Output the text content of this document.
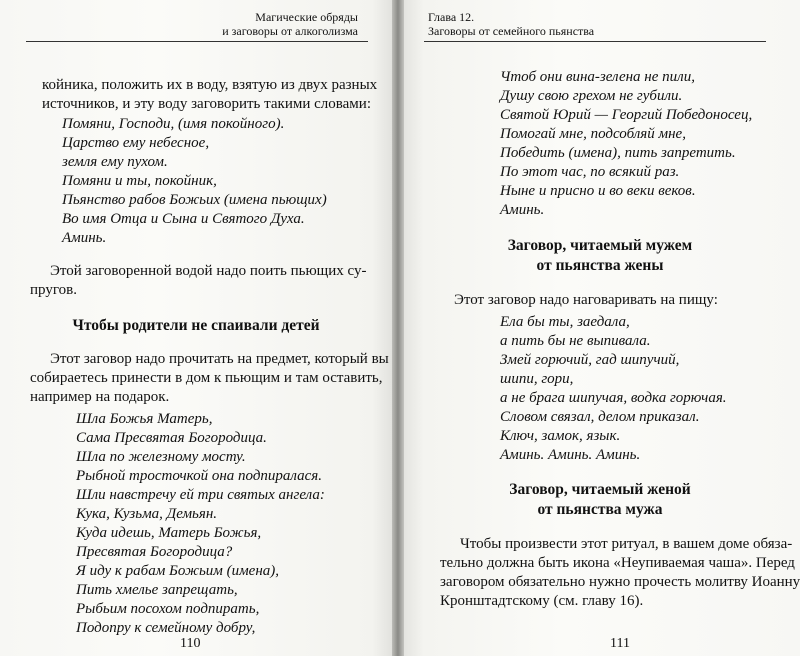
Магические обряды
и заговоры от алкоголизма
койника, положить их в воду, взятую из двух разных
источников, и эту воду заговорить такими словами:
Помяни, Господи, (имя покойного).
Царство ему небесное,
земля ему пухом.
Помяни и ты, покойник,
Пьянство рабов Божьих (имена пьющих)
Во имя Отца и Сына и Святого Духа.
Аминь.
Этой заговоренной водой надо поить пьющих су-
пругов.
Чтобы родители не спаивали детей
Этот заговор надо прочитать на предмет, который вы
собираетесь принести в дом к пьющим и там оставить,
например на подарок.
Шла Божья Матерь,
Сама Пресвятая Богородица.
Шла по железному мосту.
Рыбной тросточкой она подпиралася.
Шли навстречу ей три святых ангела:
Кука, Кузьма, Демьян.
Куда идешь, Матерь Божья,
Пресвятая Богородица?
Я иду к рабам Божьим (имена),
Пить хмелье запрещать,
Рыбьим посохом подпирать,
Подопру к семейному добру,
110
Глава 12.
Заговоры от семейного пьянства
Чтоб они вина-зелена не пили,
Душу свою грехом не губили.
Святой Юрий — Георгий Победоносец,
Помогай мне, подсобляй мне,
Победить (имена), пить запретить.
По этот час, по всякий раз.
Ныне и присно и во веки веков.
Аминь.
Заговор, читаемый мужем
от пьянства жены
Этот заговор надо наговаривать на пищу:
Ела бы ты, заедала,
а пить бы не выпивала.
Змей горючий, гад шипучий,
шипи, гори,
а не брага шипучая, водка горючая.
Словом связал, делом приказал.
Ключ, замок, язык.
Аминь. Аминь. Аминь.
Заговор, читаемый женой
от пьянства мужа
Чтобы произвести этот ритуал, в вашем доме обяза-
тельно должна быть икона «Неупиваемая чаша». Перед
заговором обязательно нужно прочесть молитву Иоанну
Кронштадтскому (см. главу 16).
111
